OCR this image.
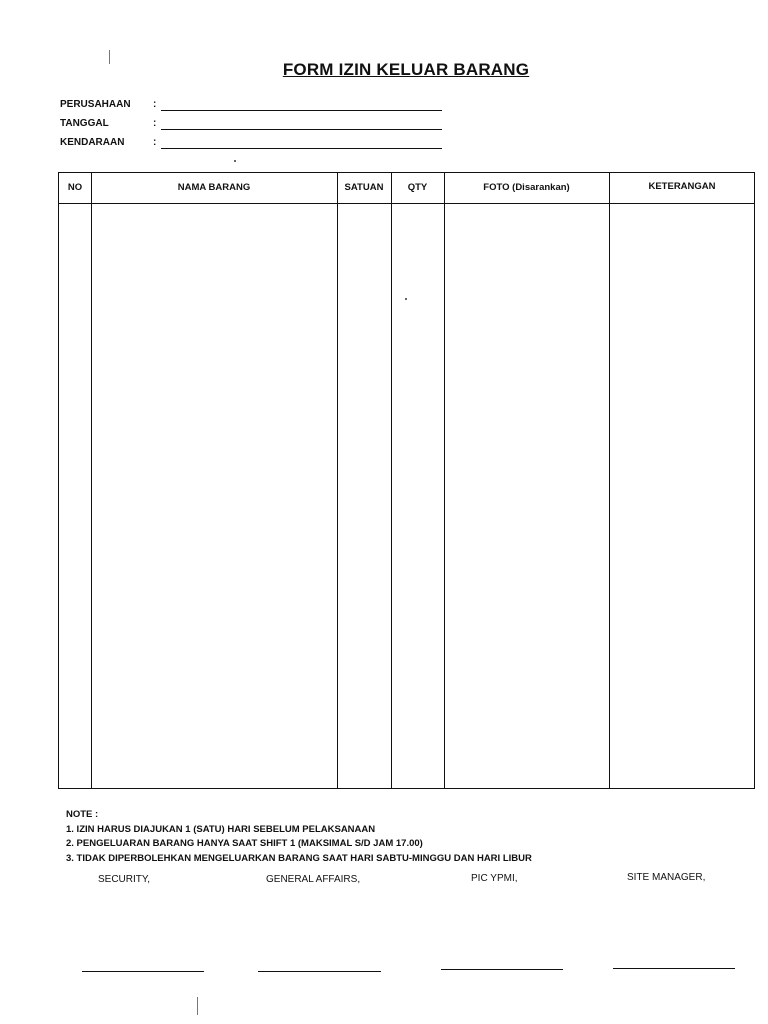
FORM IZIN KELUAR BARANG
PERUSAHAAN	:
TANGGAL	:
KENDARAAN	:
NO	NAMA BARANG	SATUAN	QTY	FOTO (Disarankan)	KETERANGAN
NOTE :
1. IZIN HARUS DIAJUKAN 1 (SATU) HARI SEBELUM PELAKSANAAN
2. PENGELUARAN BARANG HANYA SAAT SHIFT 1 (MAKSIMAL S/D JAM 17.00)
3. TIDAK DIPERBOLEHKAN MENGELUARKAN BARANG SAAT HARI SABTU-MINGGU DAN HARI LIBUR
SECURITY,	GENERAL AFFAIRS,	PIC YPMI,	SITE MANAGER,
